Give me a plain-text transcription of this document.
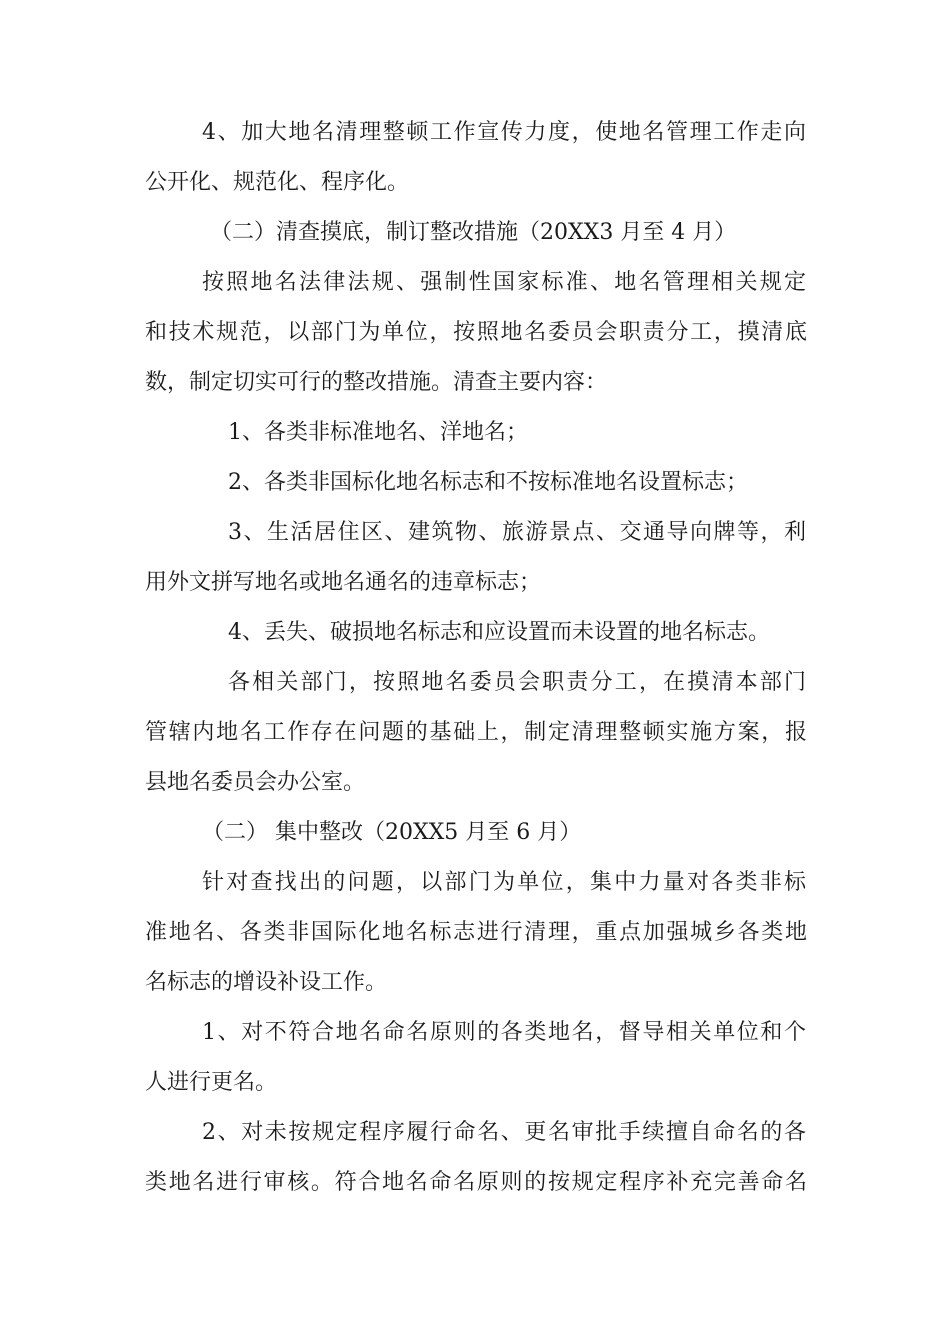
4、加大地名清理整顿工作宣传力度，使地名管理工作走向
公开化、规范化、程序化。
（二）清查摸底，制订整改措施（20XX3 月至 4 月）
按照地名法律法规、强制性国家标准、地名管理相关规定
和技术规范，以部门为单位，按照地名委员会职责分工，摸清底
数，制定切实可行的整改措施。清查主要内容：
1、各类非标准地名、洋地名；
2、各类非国标化地名标志和不按标准地名设置标志；
3、生活居住区、建筑物、旅游景点、交通导向牌等，利
用外文拼写地名或地名通名的违章标志；
4、丢失、破损地名标志和应设置而未设置的地名标志。
各相关部门，按照地名委员会职责分工，在摸清本部门
管辖内地名工作存在问题的基础上，制定清理整顿实施方案，报
县地名委员会办公室。
（二） 集中整改（20XX5 月至 6 月）
针对查找出的问题，以部门为单位，集中力量对各类非标
准地名、各类非国际化地名标志进行清理，重点加强城乡各类地
名标志的增设补设工作。
1、对不符合地名命名原则的各类地名，督导相关单位和个
人进行更名。
2、对未按规定程序履行命名、更名审批手续擅自命名的各
类地名进行审核。符合地名命名原则的按规定程序补充完善命名
